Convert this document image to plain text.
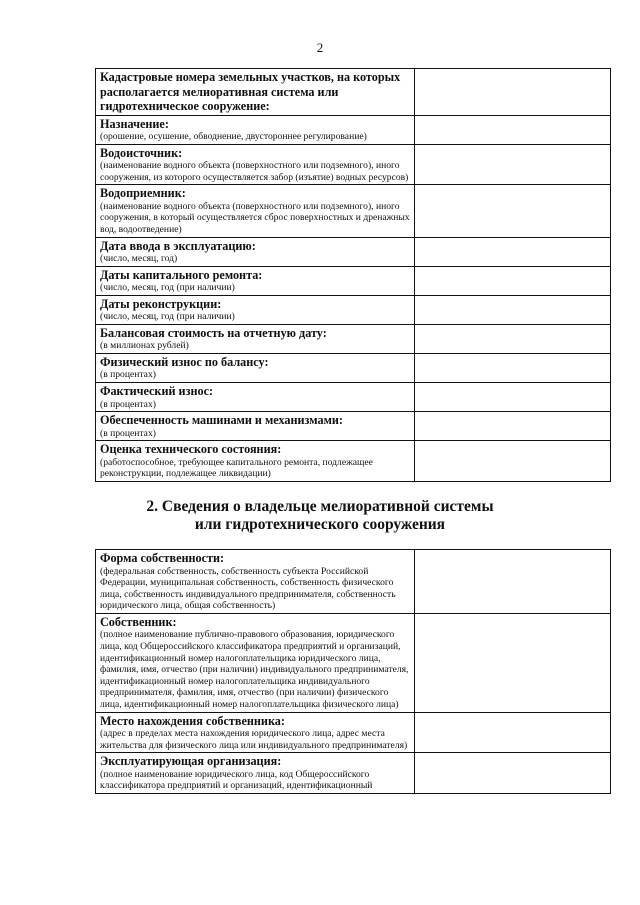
2
Кадастровые номера земельных участков, на которых располагается мелиоративная система или гидротехническое сооружение:	

Назначение:
(орошение, осушение, обводнение, двустороннее регулирование)	

Водоисточник:
(наименование водного объекта (поверхностного или подземного), иного сооружения, из которого осуществляется забор (изъятие) водных ресурсов)	

Водоприемник:
(наименование водного объекта (поверхностного или подземного), иного сооружения, в который осуществляется сброс поверхностных и дренажных вод, водоотведение)	

Дата ввода в эксплуатацию:
(число, месяц, год)	

Даты капитального ремонта:
(число, месяц, год (при наличии)	

Даты реконструкции:
(число, месяц, год (при наличии)	

Балансовая стоимость на отчетную дату:
(в миллионах рублей)	

Физический износ по балансу:
(в процентах)	

Фактический износ:
(в процентах)	

Обеспеченность машинами и механизмами:
(в процентах)	

Оценка технического состояния:
(работоспособное, требующее капитального ремонта, подлежащее реконструкции, подлежащее ликвидации)	

2. Сведения о владельце мелиоративной системы
или гидротехнического сооружения
Форма собственности:
(федеральная собственность, собственность субъекта Российской Федерации, муниципальная собственность, собственность физического лица, собственность индивидуального предпринимателя, собственность юридического лица, общая собственность)	

Собственник:
(полное наименование публично-правового образования, юридического лица, код Общероссийского классификатора предприятий и организаций, идентификационный номер налогоплательщика юридического лица, фамилия, имя, отчество (при наличии) индивидуального предпринимателя, идентификационный номер налогоплательщика индивидуального предпринимателя, фамилия, имя, отчество (при наличии) физического лица, идентификационный номер налогоплательщика физического лица)	

Место нахождения собственника:
(адрес в пределах места нахождения юридического лица, адрес места жительства для физического лица или индивидуального предпринимателя)	

Эксплуатирующая организация:
(полное наименование юридического лица, код Общероссийского классификатора предприятий и организаций, идентификационный	
